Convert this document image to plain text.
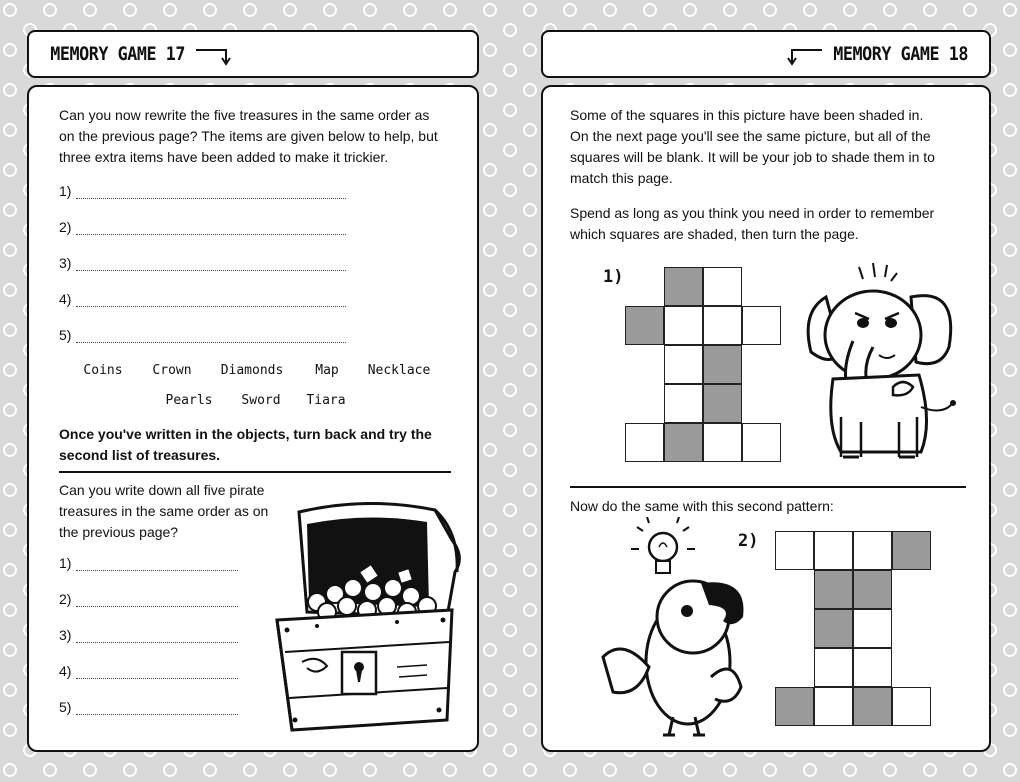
MEMORY GAME 17

Can you now rewrite the five treasures in the same order as

on the previous page? The items are given below to help, but

three extra items have been added to make it trickier.

1)
2)
3)
4)
5)
Coins Crown Diamonds Map Necklace
Pearls Sword Tiara

Once you've written in the objects, turn back and try the

second list of treasures.

Can you write down all five pirate

treasures in the same order as on

the previous page?

1)
2)
3)
4)
5)
MEMORY GAME 18

Some of the squares in this picture have been shaded in.

On the next page you'll see the same picture, but all of the

squares will be blank. It will be your job to shade them in to

match this page.

Spend as long as you think you need in order to remember

which squares are shaded, then turn the page.

1)

Now do the same with this second pattern:

2)
